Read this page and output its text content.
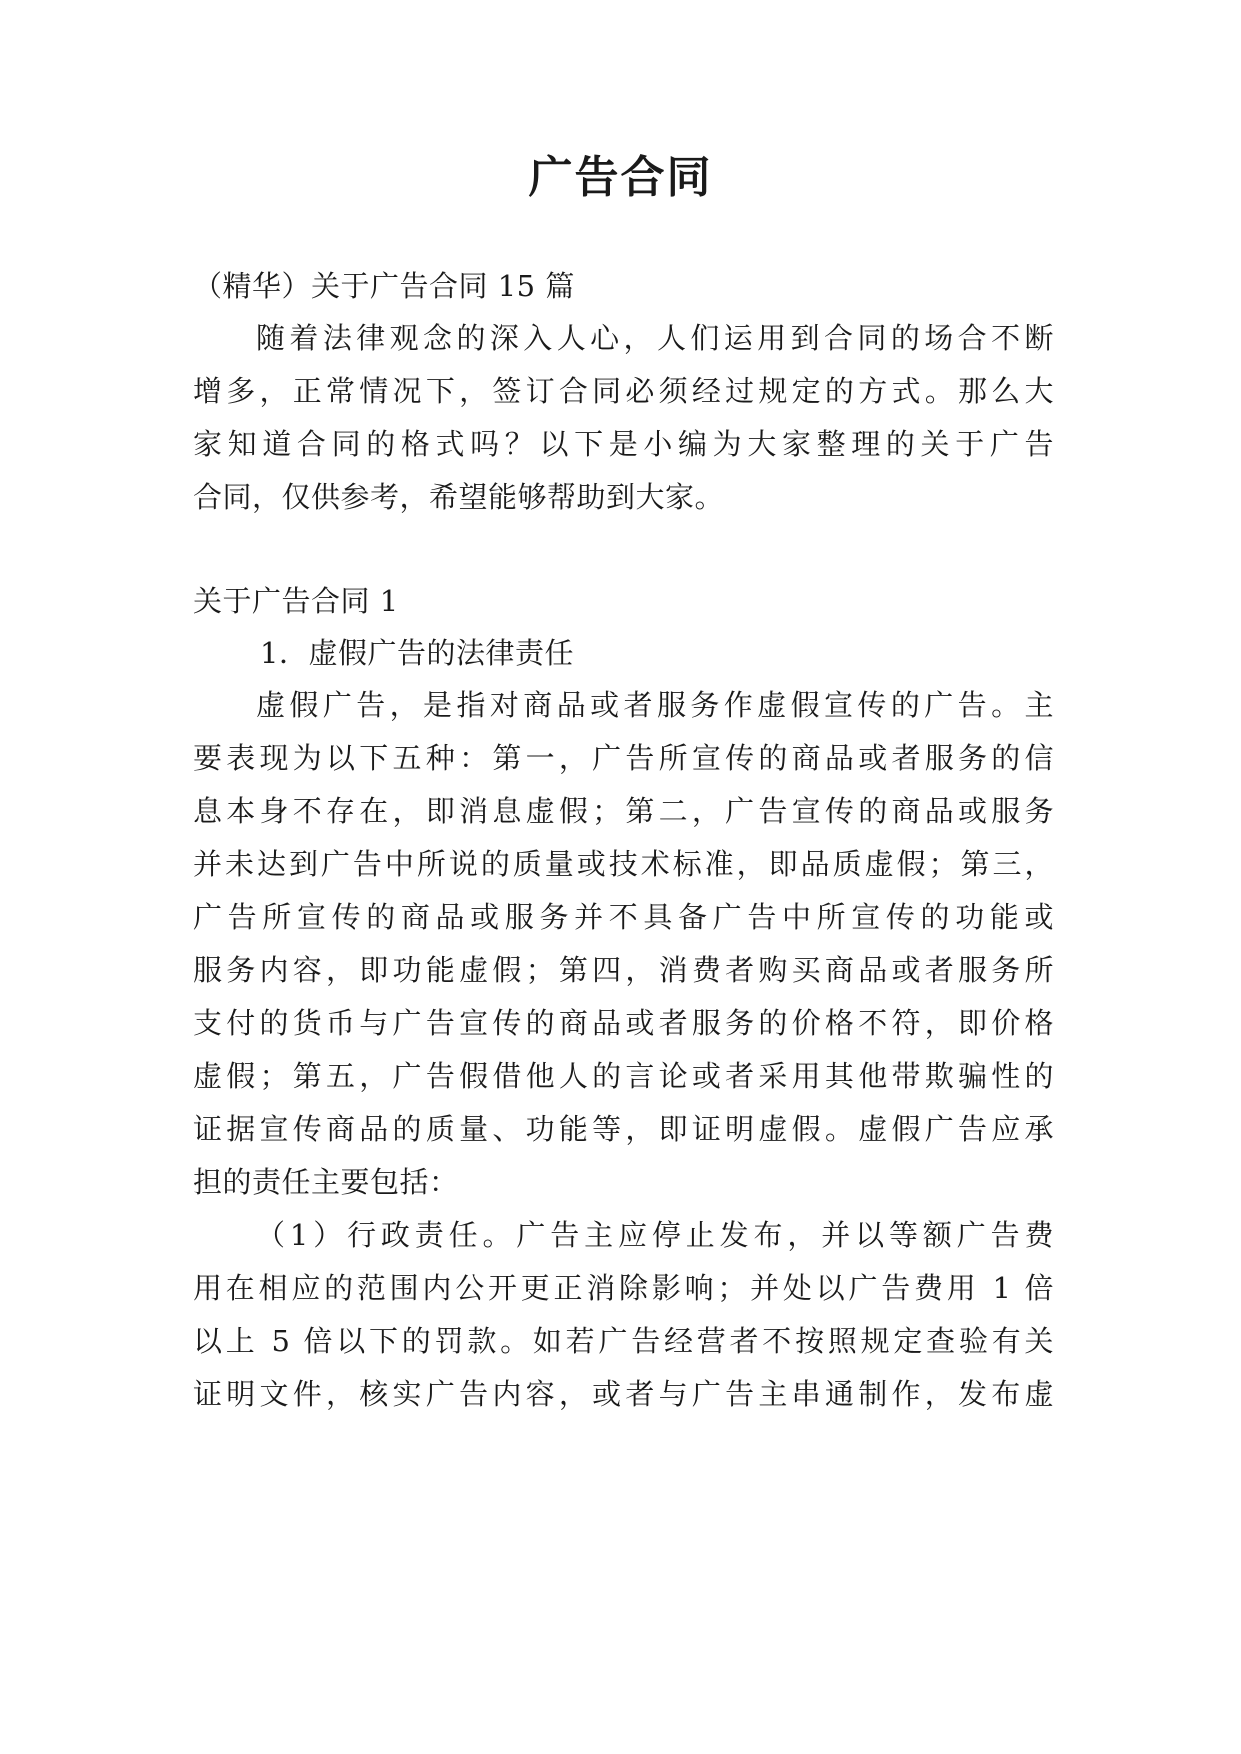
广告合同
（精华）关于广告合同 15 篇
随着法律观念的深入人心，人们运用到合同的场合不断
增多，正常情况下，签订合同必须经过规定的方式。那么大
家知道合同的格式吗？以下是小编为大家整理的关于广告
合同，仅供参考，希望能够帮助到大家。
关于广告合同 1
1．虚假广告的法律责任
虚假广告，是指对商品或者服务作虚假宣传的广告。主
要表现为以下五种：第一，广告所宣传的商品或者服务的信
息本身不存在，即消息虚假；第二，广告宣传的商品或服务
并未达到广告中所说的质量或技术标准，即品质虚假；第三，
广告所宣传的商品或服务并不具备广告中所宣传的功能或
服务内容，即功能虚假；第四，消费者购买商品或者服务所
支付的货币与广告宣传的商品或者服务的价格不符，即价格
虚假；第五，广告假借他人的言论或者采用其他带欺骗性的
证据宣传商品的质量、功能等，即证明虚假。虚假广告应承
担的责任主要包括：
（1）行政责任。广告主应停止发布，并以等额广告费
用在相应的范围内公开更正消除影响；并处以广告费用 1 倍
以上 5 倍以下的罚款。如若广告经营者不按照规定查验有关
证明文件，核实广告内容，或者与广告主串通制作，发布虚
